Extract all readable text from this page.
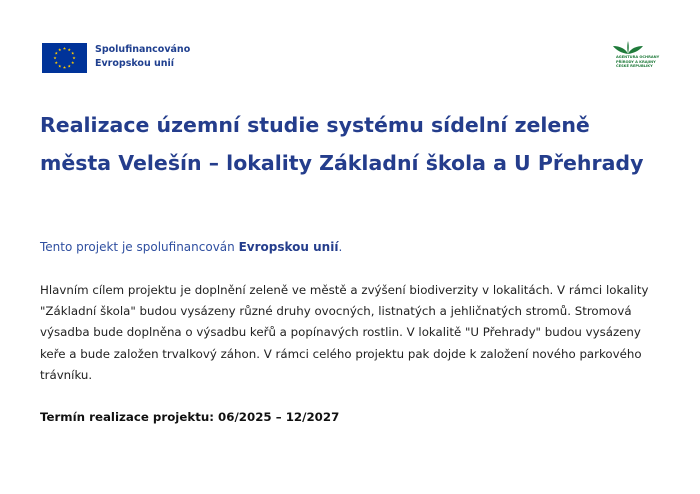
Spolufinancováno
Evropskou unií
AGENTURA OCHRANY
PŘÍRODY A KRAJINY
ČESKÉ REPUBLIKY
Realizace územní studie systému sídelní zeleně města Velešín – lokality Základní škola a U Přehrady

Tento projekt je spolufinancován Evropskou unií.

Hlavním cílem projektu je doplnění zeleně ve městě a zvýšení biodiverzity v lokalitách. V rámci lokality "Základní škola" budou vysázeny různé druhy ovocných, listnatých a jehličnatých stromů. Stromová výsadba bude doplněna o výsadbu keřů a popínavých rostlin. V lokalitě "U Přehrady" budou vysázeny keře a bude založen trvalkový záhon. V rámci celého projektu pak dojde k založení nového parkového trávníku.

Termín realizace projektu: 06/2025 – 12/2027
